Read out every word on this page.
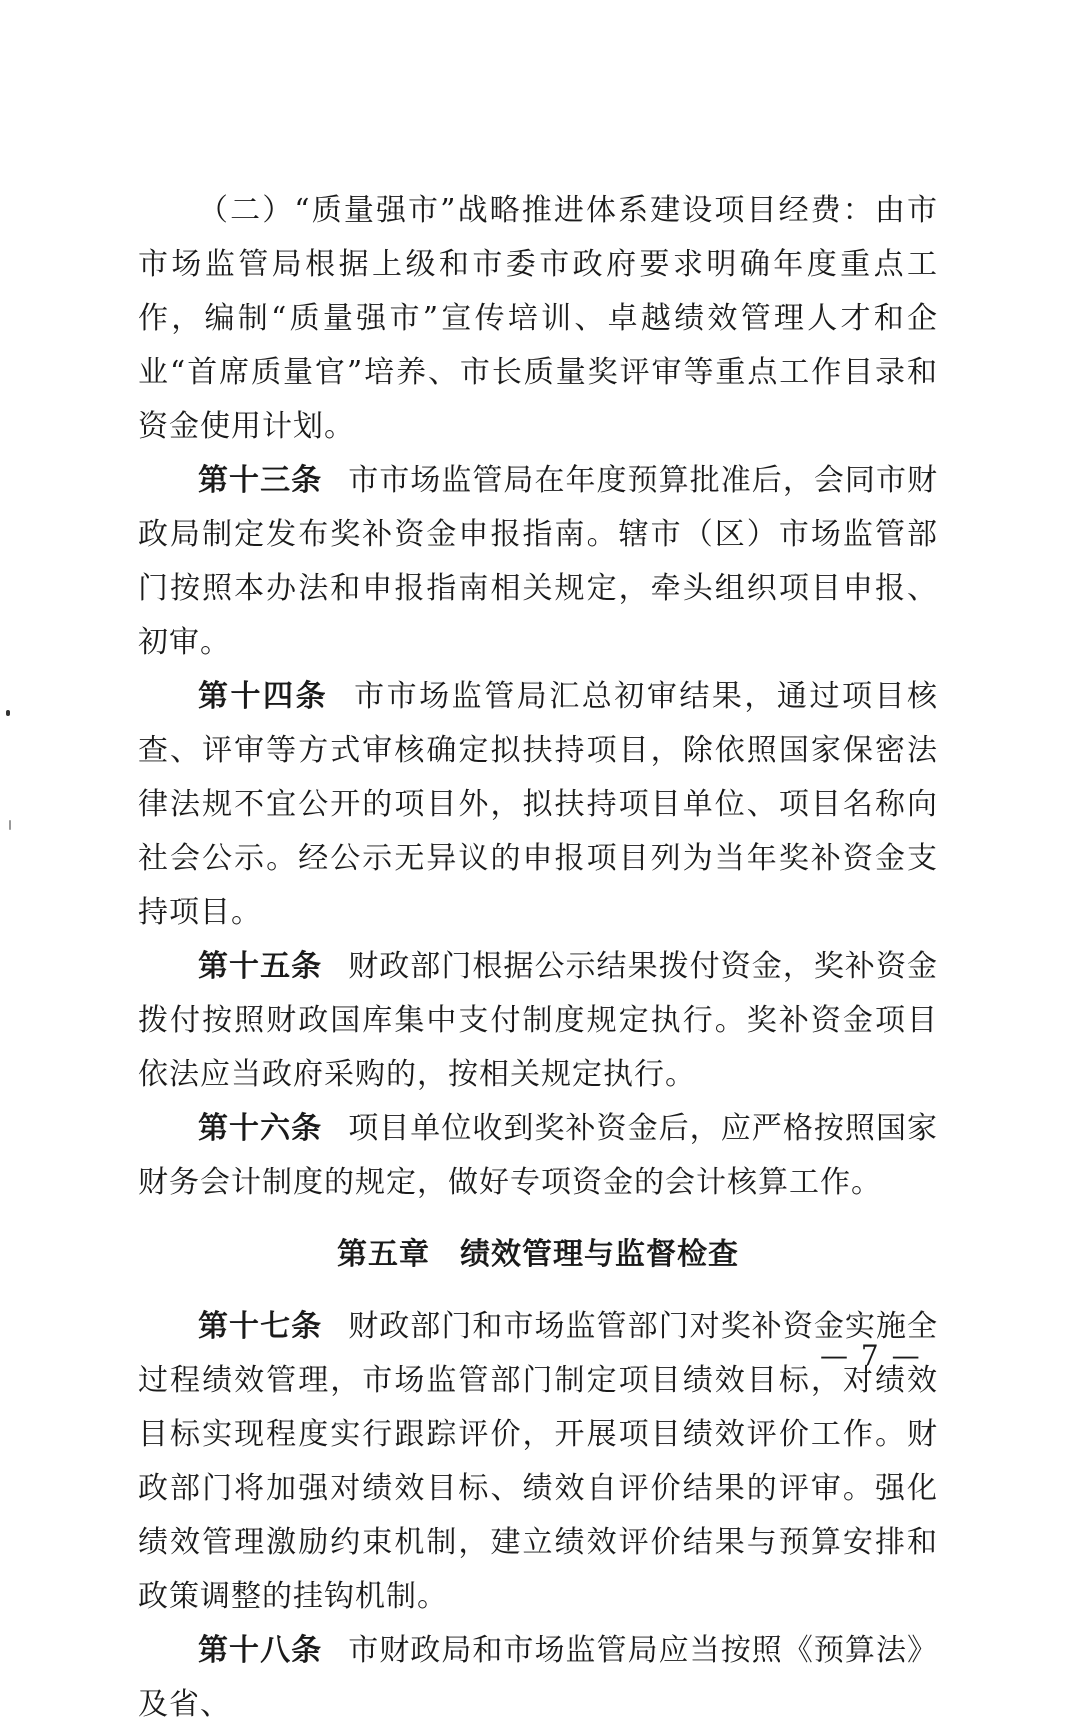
（二）“质量强市”战略推进体系建设项目经费：由市市场监管局根据上级和市委市政府要求明确年度重点工作，编制“质量强市”宣传培训、卓越绩效管理人才和企业“首席质量官”培养、市长质量奖评审等重点工作目录和资金使用计划。

第十三条 市市场监管局在年度预算批准后，会同市财政局制定发布奖补资金申报指南。辖市（区）市场监管部门按照本办法和申报指南相关规定，牵头组织项目申报、初审。

第十四条 市市场监管局汇总初审结果，通过项目核查、评审等方式审核确定拟扶持项目，除依照国家保密法律法规不宜公开的项目外，拟扶持项目单位、项目名称向社会公示。经公示无异议的申报项目列为当年奖补资金支持项目。

第十五条 财政部门根据公示结果拨付资金，奖补资金拨付按照财政国库集中支付制度规定执行。奖补资金项目依法应当政府采购的，按相关规定执行。

第十六条 项目单位收到奖补资金后，应严格按照国家财务会计制度的规定，做好专项资金的会计核算工作。

第五章 绩效管理与监督检查

第十七条 财政部门和市场监管部门对奖补资金实施全过程绩效管理，市场监管部门制定项目绩效目标，对绩效目标实现程度实行跟踪评价，开展项目绩效评价工作。财政部门将加强对绩效目标、绩效自评价结果的评审。强化绩效管理激励约束机制，建立绩效评价结果与预算安排和政策调整的挂钩机制。

第十八条 市财政局和市场监管局应当按照《预算法》及省、

— 7 —
